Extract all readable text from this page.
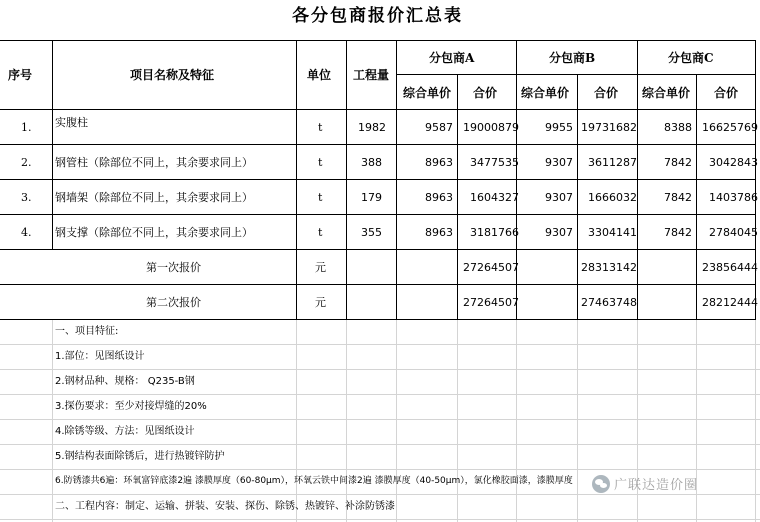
各分包商报价汇总表
序号	项目名称及特征	单位 工程量
分包商A	分包商B	分包商C
综合单价 合价 综合单价 合价 综合单价 合价
1. 实腹柱	t	1982	9587 19000879 9955 19731682 8388 16625769
2. 钢管柱（除部位不同上，其余要求同上）	t	388	8963 3477535 9307 3611287 7842 3042843
3. 钢墙架（除部位不同上，其余要求同上）	t	179	8963 1604327 9307 1666032 7842 1403786
4. 钢支撑（除部位不同上，其余要求同上）	t	355	8963 3181766 9307 3304141 7842 2784045
第一次报价	元	27264507	28313142	23856444
第二次报价	元	27264507	27463748	28212444
一、项目特征:
1.部位：见图纸设计
2.钢材品种、规格： Q235-B钢
3.探伤要求：至少对接焊缝的20%
4.除锈等级、方法：见图纸设计
5.钢结构表面除锈后，进行热镀锌防护
6.防锈漆共6遍：环氧富锌底漆2遍 漆膜厚度（60-80μm），环氧云铁中间漆2遍 漆膜厚度（40-50μm），氯化橡胶面漆，漆膜厚度
二、工程内容：制定、运输、拼装、安装、探伤、除锈、热镀锌、补涂防锈漆
广联达造价圈
